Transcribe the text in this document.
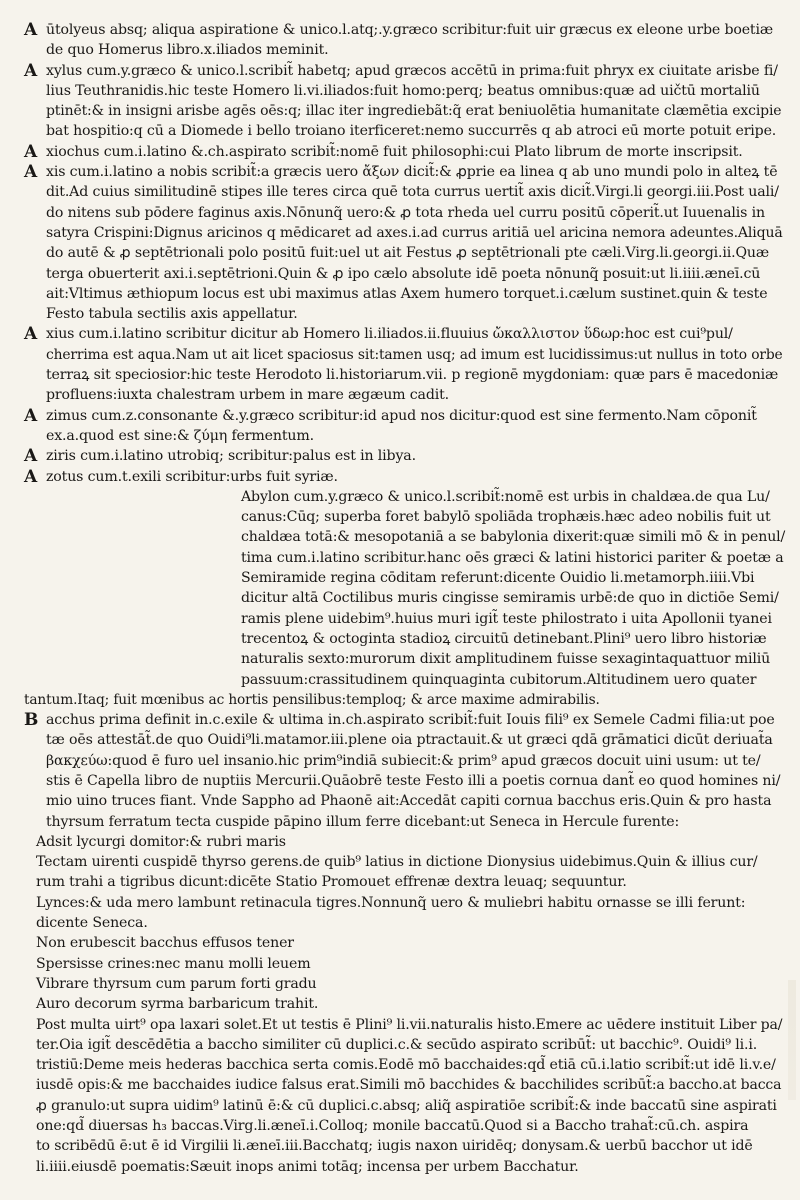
A ūtolyeus absq; aliqua aspiratione & unico.l.atq;.y.græco scribitur:fuit uir græcus ex eleone urbe boetiæ
de quo Homerus libro.x.iliados meminit.
A xylus cum.y.græco & unico.l.scribit̃ habetq; apud græcos accētū in prima:fuit phryx ex ciuitate arisbe fi/
lius Teuthranidis.hic teste Homero li.vi.iliados:fuit homo:perq; beatus omnibus:quæ ad uičtū mortaliū
ptinēt:& in insigni arisbe agēs oēs:q; illac iter ingrediebãt:q̃ erat beniuolētia humanitate clæmētia excipie
bat hospitio:q cū a Diomede i bello troiano iterficeret:nemo succurrēs q ab atroci eū morte potuit eripe.
A xiochus cum.i.latino &.ch.aspirato scribit̃:nomē fuit philosophi:cui Plato librum de morte inscripsit.
A xis cum.i.latino a nobis scribit̃:a græcis uero ἄξων dicit̃:& ꝓprie ea linea q ab uno mundi polo in alteꝝ tē
dit.Ad cuius similitudinē stipes ille teres circa quē tota currus uertit̃ axis dicit̃.Virgi.li georgi.iii.Post uali/
do nitens sub pōdere faginus axis.Nōnunq̃ uero:& ꝓ tota rheda uel curru positū cōperit̃.ut Iuuenalis in
satyra Crispini:Dignus aricinos q mēdicaret ad axes.i.ad currus aritiā uel aricina nemora adeuntes.Aliquā
do autē & ꝓ septētrionali polo positū fuit:uel ut ait Festus ꝓ septētrionali pte cæli.Virg.li.georgi.ii.Quæ
terga obuerterit axi.i.septētrioni.Quin & ꝓ ipo cælo absolute idē poeta nōnunq̃ posuit:ut li.iiii.æneī.cū
ait:Vltimus æthiopum locus est ubi maximus atlas Axem humero torquet.i.cælum sustinet.quin & teste
Festo tabula sectilis axis appellatur.
A xius cum.i.latino scribitur dicitur ab Homero li.iliados.ii.fluuius ὤκαλλιστον ὕδωρ:hoc est cui⁹pul/
cherrima est aqua.Nam ut ait licet spaciosus sit:tamen usq; ad imum est lucidissimus:ut nullus in toto orbe
terraꝝ sit speciosior:hic teste Herodoto li.historiarum.vii. p regionē mygdoniam: quæ pars ē macedoniæ
profluens:iuxta chalestram urbem in mare ægæum cadit.
A zimus cum.z.consonante &.y.græco scribitur:id apud nos dicitur:quod est sine fermento.Nam cōponit̃
ex.a.quod est sine:& ζύμη fermentum.
A ziris cum.i.latino utrobiq; scribitur:palus est in libya.
A zotus cum.t.exili scribitur:urbs fuit syriæ.
Abylon cum.y.græco & unico.l.scribit̃:nomē est urbis in chaldæa.de qua Lu/
canus:Cūq; superba foret babylō spoliāda trophæis.hæc adeo nobilis fuit ut
chaldæa totā:& mesopotaniā a se babylonia dixerit:quæ simili mō & in penul/
tima cum.i.latino scribitur.hanc oēs græci & latini historici pariter & poetæ a
Semiramide regina cōditam referunt:dicente Ouidio li.metamorph.iiii.Vbi
dicitur altā Coctilibus muris cingisse semiramis urbē:de quo in dictiōe Semi/
ramis plene uidebim⁹.huius muri igit̃ teste philostrato i uita Apollonii tyanei
trecentoꝝ & octoginta stadioꝝ circuitū detinebant.Plini⁹ uero libro historiæ
naturalis sexto:murorum dixit amplitudinem fuisse sexagintaquattuor miliū
passuum:crassitudinem quinquaginta cubitorum.Altitudinem uero quater
tantum.Itaq; fuit mœnibus ac hortis pensilibus:temploq; & arce maxime admirabilis.
B acchus prima definit in.c.exile & ultima in.ch.aspirato scribit̃:fuit Iouis fili⁹ ex Semele Cadmi filia:ut poe
tæ oēs attestāt̃.de quo Ouidi⁹li.matamor.iii.plene oia ptractauit.& ut græci qdā grāmatici dicūt deriuat̃a
βακχεύω:quod ē furo uel insanio.hic prim⁹indiā subiecit:& prim⁹ apud græcos docuit uini usum: ut te/
stis ē Capella libro de nuptiis Mercurii.Quāobrē teste Festo illi a poetis cornua dant̃ eo quod homines ni/
mio uino truces fiant. Vnde Sappho ad Phaonē ait:Accedāt capiti cornua bacchus eris.Quin & pro hasta
thyrsum ferratum tecta cuspide pāpino illum ferre dicebant:ut Seneca in Hercule furente:
Adsit lycurgi domitor:& rubri maris
Tectam uirenti cuspidē thyrso gerens.de quib⁹ latius in dictione Dionysius uidebimus.Quin & illius cur/
rum trahi a tigribus dicunt:dicēte Statio Promouet effrenæ dextra leuaq; sequuntur.
Lynces:& uda mero lambunt retinacula tigres.Nonnunq̃ uero & muliebri habitu ornasse se illi ferunt:
dicente Seneca.
Non erubescit bacchus effusos tener
Spersisse crines:nec manu molli leuem
Vibrare thyrsum cum parum forti gradu
Auro decorum syrma barbaricum trahit.
Post multa uirt⁹ opa laxari solet.Et ut testis ē Plini⁹ li.vii.naturalis histo.Emere ac uēdere instituit Liber pa/
ter.Oia igit̃ descēdētia a baccho similiter cū duplici.c.& secūdo aspirato scribūt̃: ut bacchic⁹. Ouidi⁹ li.i.
tristiū:Deme meis hederas bacchica serta comis.Eodē mō bacchaides:qd̃ etiā cū.i.latio scribit̃:ut idē li.v.e/
iusdē opis:& me bacchaides iudice falsus erat.Simili mō bacchides & bacchilides scribūt̃:a baccho.at bacca
ꝓ granulo:ut supra uidim⁹ latinū ē:& cū duplici.c.absq; aliq̃ aspiratiōe scribit̃:& inde baccatū sine aspirati
one:qd̃ diuersas h₃ baccas.Virg.li.æneī.i.Colloq; monile baccatū.Quod si a Baccho trahat̃:cū.ch. aspira
to scribēdū ē:ut ē id Virgilii li.æneī.iii.Bacchatq; iugis naxon uiridēq; donysam.& uerbū bacchor ut idē
li.iiii.eiusdē poematis:Sæuit inops animi totāq; incensa per urbem Bacchatur.
